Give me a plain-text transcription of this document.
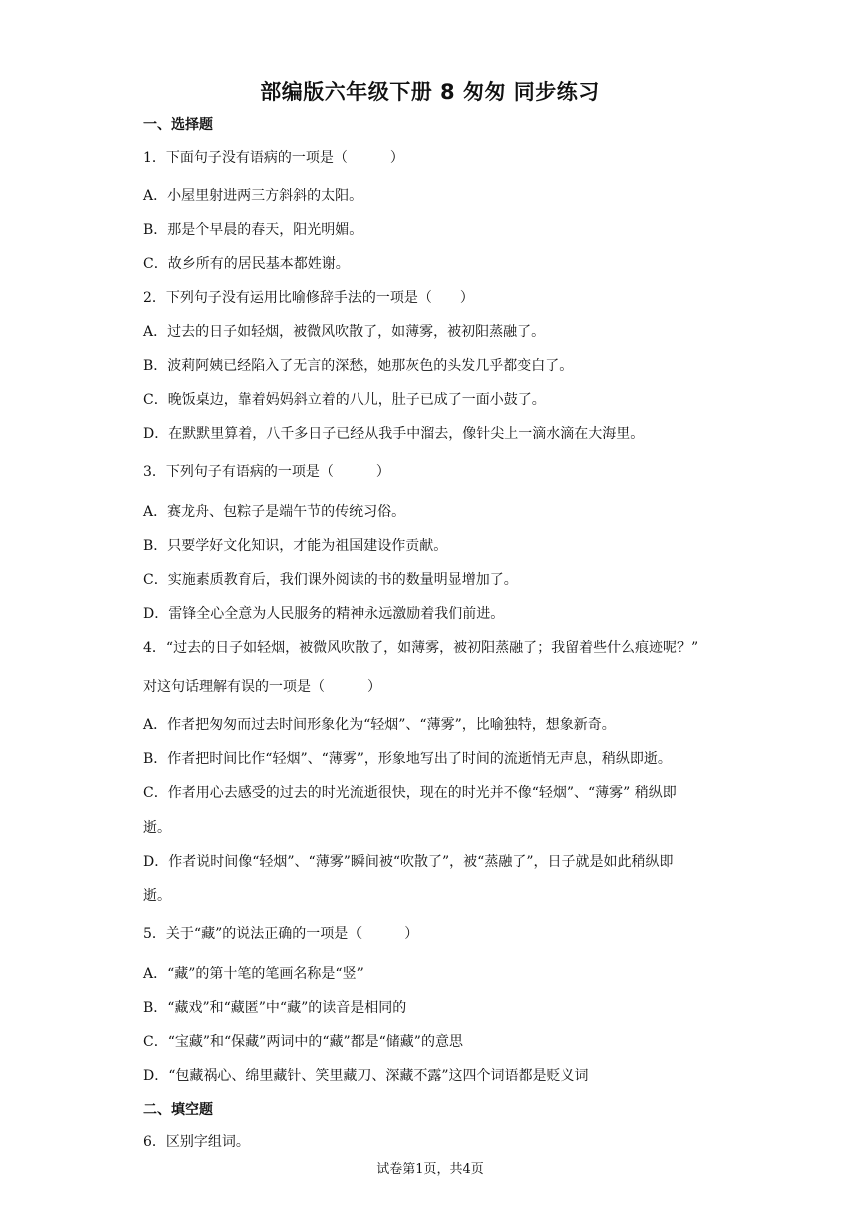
部编版六年级下册 8 匆匆 同步练习
一、选择题
1．下面句子没有语病的一项是（　　　）
A．小屋里射进两三方斜斜的太阳。
B．那是个早晨的春天，阳光明媚。
C．故乡所有的居民基本都姓谢。
2．下列句子没有运用比喻修辞手法的一项是（　　）
A．过去的日子如轻烟，被微风吹散了，如薄雾，被初阳蒸融了。
B．波莉阿姨已经陷入了无言的深愁，她那灰色的头发几乎都变白了。
C．晚饭桌边，靠着妈妈斜立着的八儿，肚子已成了一面小鼓了。
D．在默默里算着，八千多日子已经从我手中溜去，像针尖上一滴水滴在大海里。
3．下列句子有语病的一项是（　　　）
A．赛龙舟、包粽子是端午节的传统习俗。
B．只要学好文化知识，才能为祖国建设作贡献。
C．实施素质教育后，我们课外阅读的书的数量明显增加了。
D．雷锋全心全意为人民服务的精神永远激励着我们前进。
4．“过去的日子如轻烟，被微风吹散了，如薄雾，被初阳蒸融了；我留着些什么痕迹呢？”
对这句话理解有误的一项是（　　　）
A．作者把匆匆而过去时间形象化为“轻烟”、“薄雾”，比喻独特，想象新奇。
B．作者把时间比作“轻烟”、“薄雾”，形象地写出了时间的流逝悄无声息，稍纵即逝。
C．作者用心去感受的过去的时光流逝很快，现在的时光并不像“轻烟”、“薄雾” 稍纵即
逝。
D．作者说时间像“轻烟”、“薄雾”瞬间被“吹散了”，被“蒸融了”，日子就是如此稍纵即
逝。
5．关于“藏”的说法正确的一项是（　　　）
A．“藏”的第十笔的笔画名称是“竖”
B．“藏戏”和“藏匿”中“藏”的读音是相同的
C．“宝藏”和“保藏”两词中的“藏”都是“储藏”的意思
D．“包藏祸心、绵里藏针、笑里藏刀、深藏不露”这四个词语都是贬义词
二、填空题
6．区别字组词。
试卷第1页，共4页
